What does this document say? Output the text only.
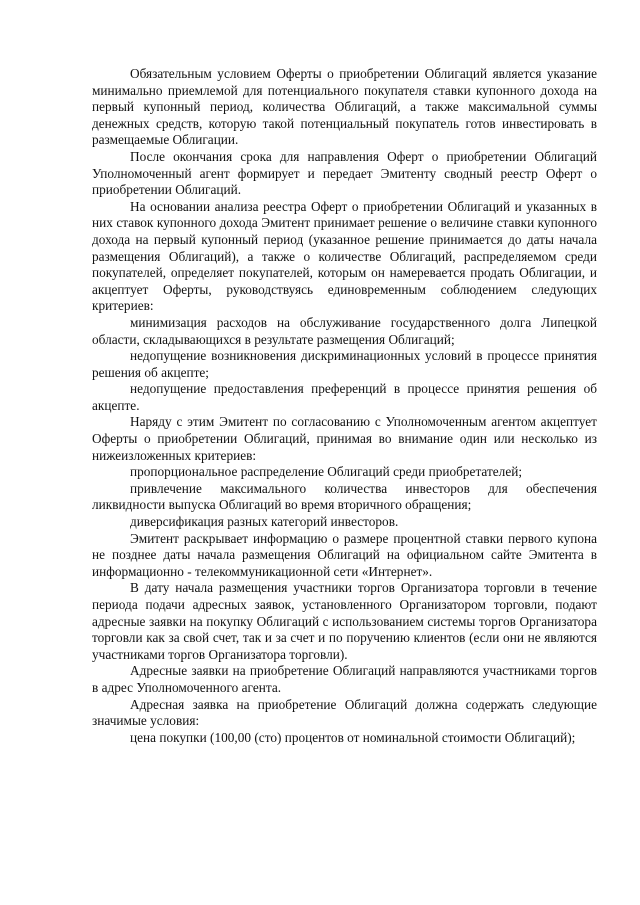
Обязательным условием Оферты о приобретении Облигаций является указание минимально приемлемой для потенциального покупателя ставки купонного дохода на первый купонный период, количества Облигаций, а также максимальной суммы денежных средств, которую такой потенциальный покупатель готов инвестировать в размещаемые Облигации.

После окончания срока для направления Оферт о приобретении Облигаций Уполномоченный агент формирует и передает Эмитенту сводный реестр Оферт о приобретении Облигаций.

На основании анализа реестра Оферт о приобретении Облигаций и указанных в них ставок купонного дохода Эмитент принимает решение о величине ставки купонного дохода на первый купонный период (указанное решение принимается до даты начала размещения Облигаций), а также о количестве Облигаций, распределяемом среди покупателей, определяет покупателей, которым он намеревается продать Облигации, и акцептует Оферты, руководствуясь единовременным соблюдением следующих критериев:

минимизация расходов на обслуживание государственного долга Липецкой области, складывающихся в результате размещения Облигаций;

недопущение возникновения дискриминационных условий в процессе принятия решения об акцепте;

недопущение предоставления преференций в процессе принятия решения об акцепте.

Наряду с этим Эмитент по согласованию с Уполномоченным агентом акцептует Оферты о приобретении Облигаций, принимая во внимание один или несколько из нижеизложенных критериев:

пропорциональное распределение Облигаций среди приобретателей;

привлечение максимального количества инвесторов для обеспечения ликвидности выпуска Облигаций во время вторичного обращения;

диверсификация разных категорий инвесторов.

Эмитент раскрывает информацию о размере процентной ставки первого купона не позднее даты начала размещения Облигаций на официальном сайте Эмитента в информационно - телекоммуникационной сети «Интернет».

В дату начала размещения участники торгов Организатора торговли в течение периода подачи адресных заявок, установленного Организатором торговли, подают адресные заявки на покупку Облигаций с использованием системы торгов Организатора торговли как за свой счет, так и за счет и по поручению клиентов (если они не являются участниками торгов Организатора торговли).

Адресные заявки на приобретение Облигаций направляются участниками торгов в адрес Уполномоченного агента.

Адресная заявка на приобретение Облигаций должна содержать следующие значимые условия:

цена покупки (100,00 (сто) процентов от номинальной стоимости Облигаций);
